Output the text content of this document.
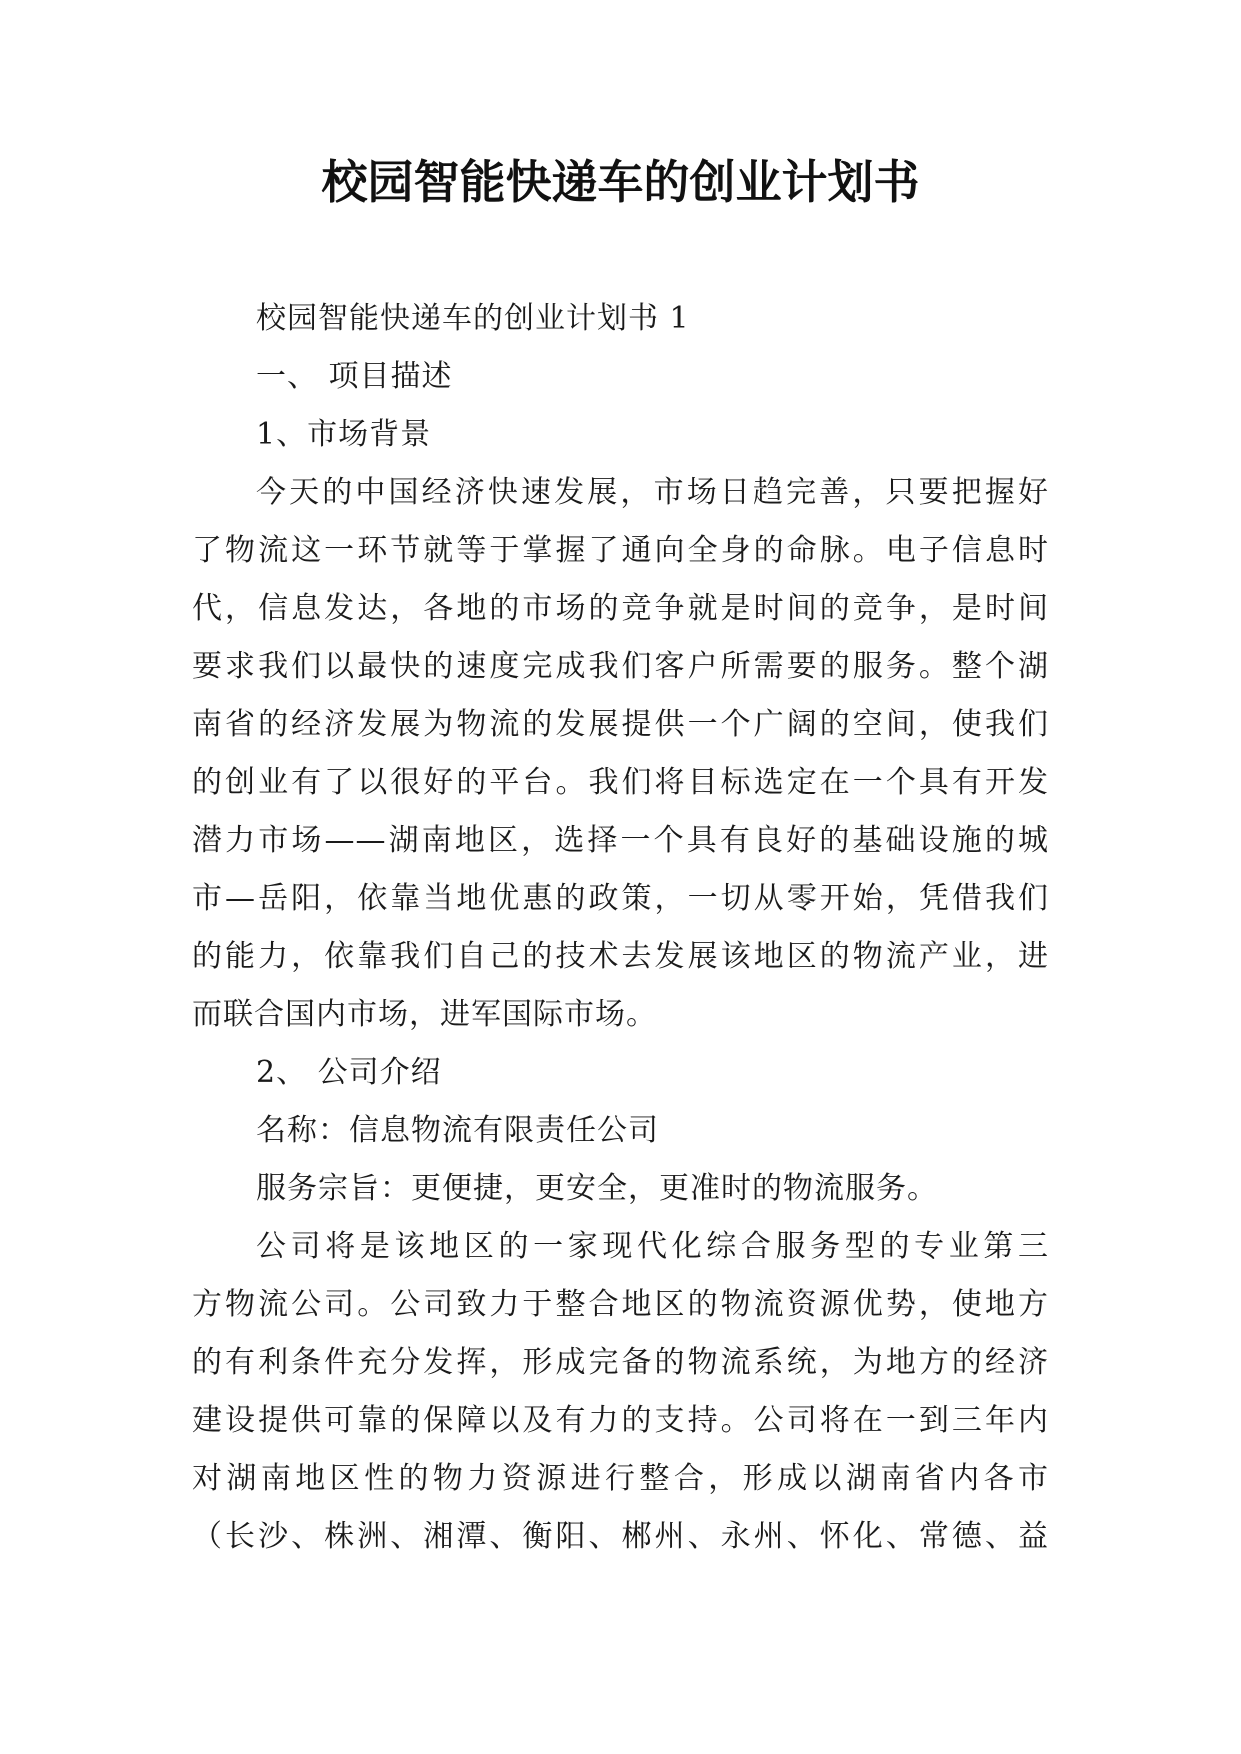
校园智能快递车的创业计划书
校园智能快递车的创业计划书 1
一、 项目描述
1、市场背景
今天的中国经济快速发展，市场日趋完善，只要把握好
了物流这一环节就等于掌握了通向全身的命脉。电子信息时
代，信息发达，各地的市场的竞争就是时间的竞争，是时间
要求我们以最快的速度完成我们客户所需要的服务。整个湖
南省的经济发展为物流的发展提供一个广阔的空间，使我们
的创业有了以很好的平台。我们将目标选定在一个具有开发
潜力市场——湖南地区，选择一个具有良好的基础设施的城
市—岳阳，依靠当地优惠的政策，一切从零开始，凭借我们
的能力，依靠我们自己的技术去发展该地区的物流产业，进
而联合国内市场，进军国际市场。
2、 公司介绍
名称：信息物流有限责任公司
服务宗旨：更便捷，更安全，更准时的物流服务。
公司将是该地区的一家现代化综合服务型的专业第三
方物流公司。公司致力于整合地区的物流资源优势，使地方
的有利条件充分发挥，形成完备的物流系统，为地方的经济
建设提供可靠的保障以及有力的支持。公司将在一到三年内
对湖南地区性的物力资源进行整合，形成以湖南省内各市
（长沙、株洲、湘潭、衡阳、郴州、永州、怀化、常德、益
